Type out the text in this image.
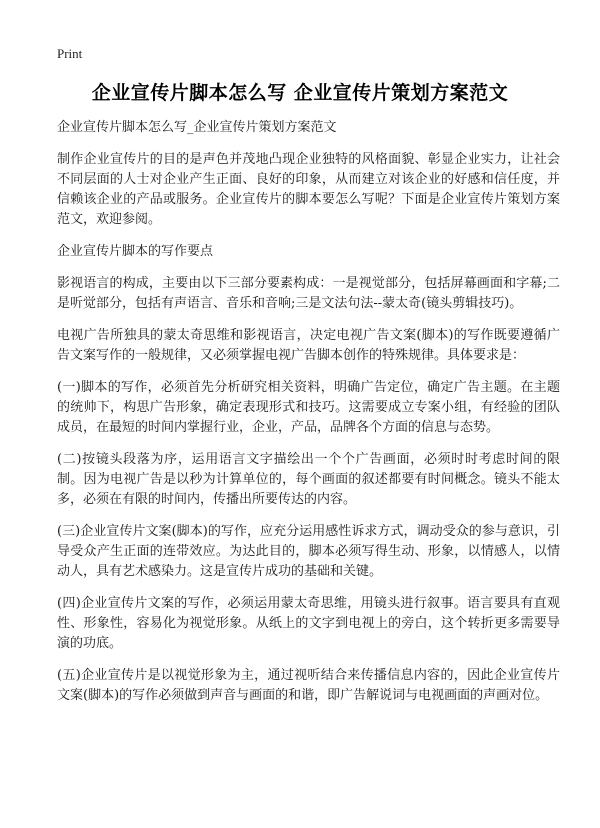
Print
企业宣传片脚本怎么写 企业宣传片策划方案范文

企业宣传片脚本怎么写_企业宣传片策划方案范文

制作企业宣传片的目的是声色并茂地凸现企业独特的风格面貌、彰显企业实力，让社会不同层面的人士对企业产生正面、良好的印象，从而建立对该企业的好感和信任度，并信赖该企业的产品或服务。企业宣传片的脚本要怎么写呢？下面是企业宣传片策划方案范文，欢迎参阅。

企业宣传片脚本的写作要点

影视语言的构成，主要由以下三部分要素构成：一是视觉部分，包括屏幕画面和字幕;二是听觉部分，包括有声语言、音乐和音响;三是文法句法--蒙太奇(镜头剪辑技巧)。

电视广告所独具的蒙太奇思维和影视语言，决定电视广告文案(脚本)的写作既要遵循广告文案写作的一般规律，又必须掌握电视广告脚本创作的特殊规律。具体要求是：

(一)脚本的写作，必须首先分析研究相关资料，明确广告定位，确定广告主题。在主题的统帅下，构思广告形象，确定表现形式和技巧。这需要成立专案小组，有经验的团队成员，在最短的时间内掌握行业，企业，产品，品牌各个方面的信息与态势。

(二)按镜头段落为序，运用语言文字描绘出一个个广告画面，必须时时考虑时间的限制。因为电视广告是以秒为计算单位的，每个画面的叙述都要有时间概念。镜头不能太多，必须在有限的时间内，传播出所要传达的内容。

(三)企业宣传片文案(脚本)的写作，应充分运用感性诉求方式，调动受众的参与意识，引导受众产生正面的连带效应。为达此目的，脚本必须写得生动、形象，以情感人，以情动人，具有艺术感染力。这是宣传片成功的基础和关键。

(四)企业宣传片文案的写作，必须运用蒙太奇思维，用镜头进行叙事。语言要具有直观性、形象性，容易化为视觉形象。从纸上的文字到电视上的旁白，这个转折更多需要导演的功底。

(五)企业宣传片是以视觉形象为主，通过视听结合来传播信息内容的，因此企业宣传片文案(脚本)的写作必须做到声音与画面的和谐，即广告解说词与电视画面的声画对位。
